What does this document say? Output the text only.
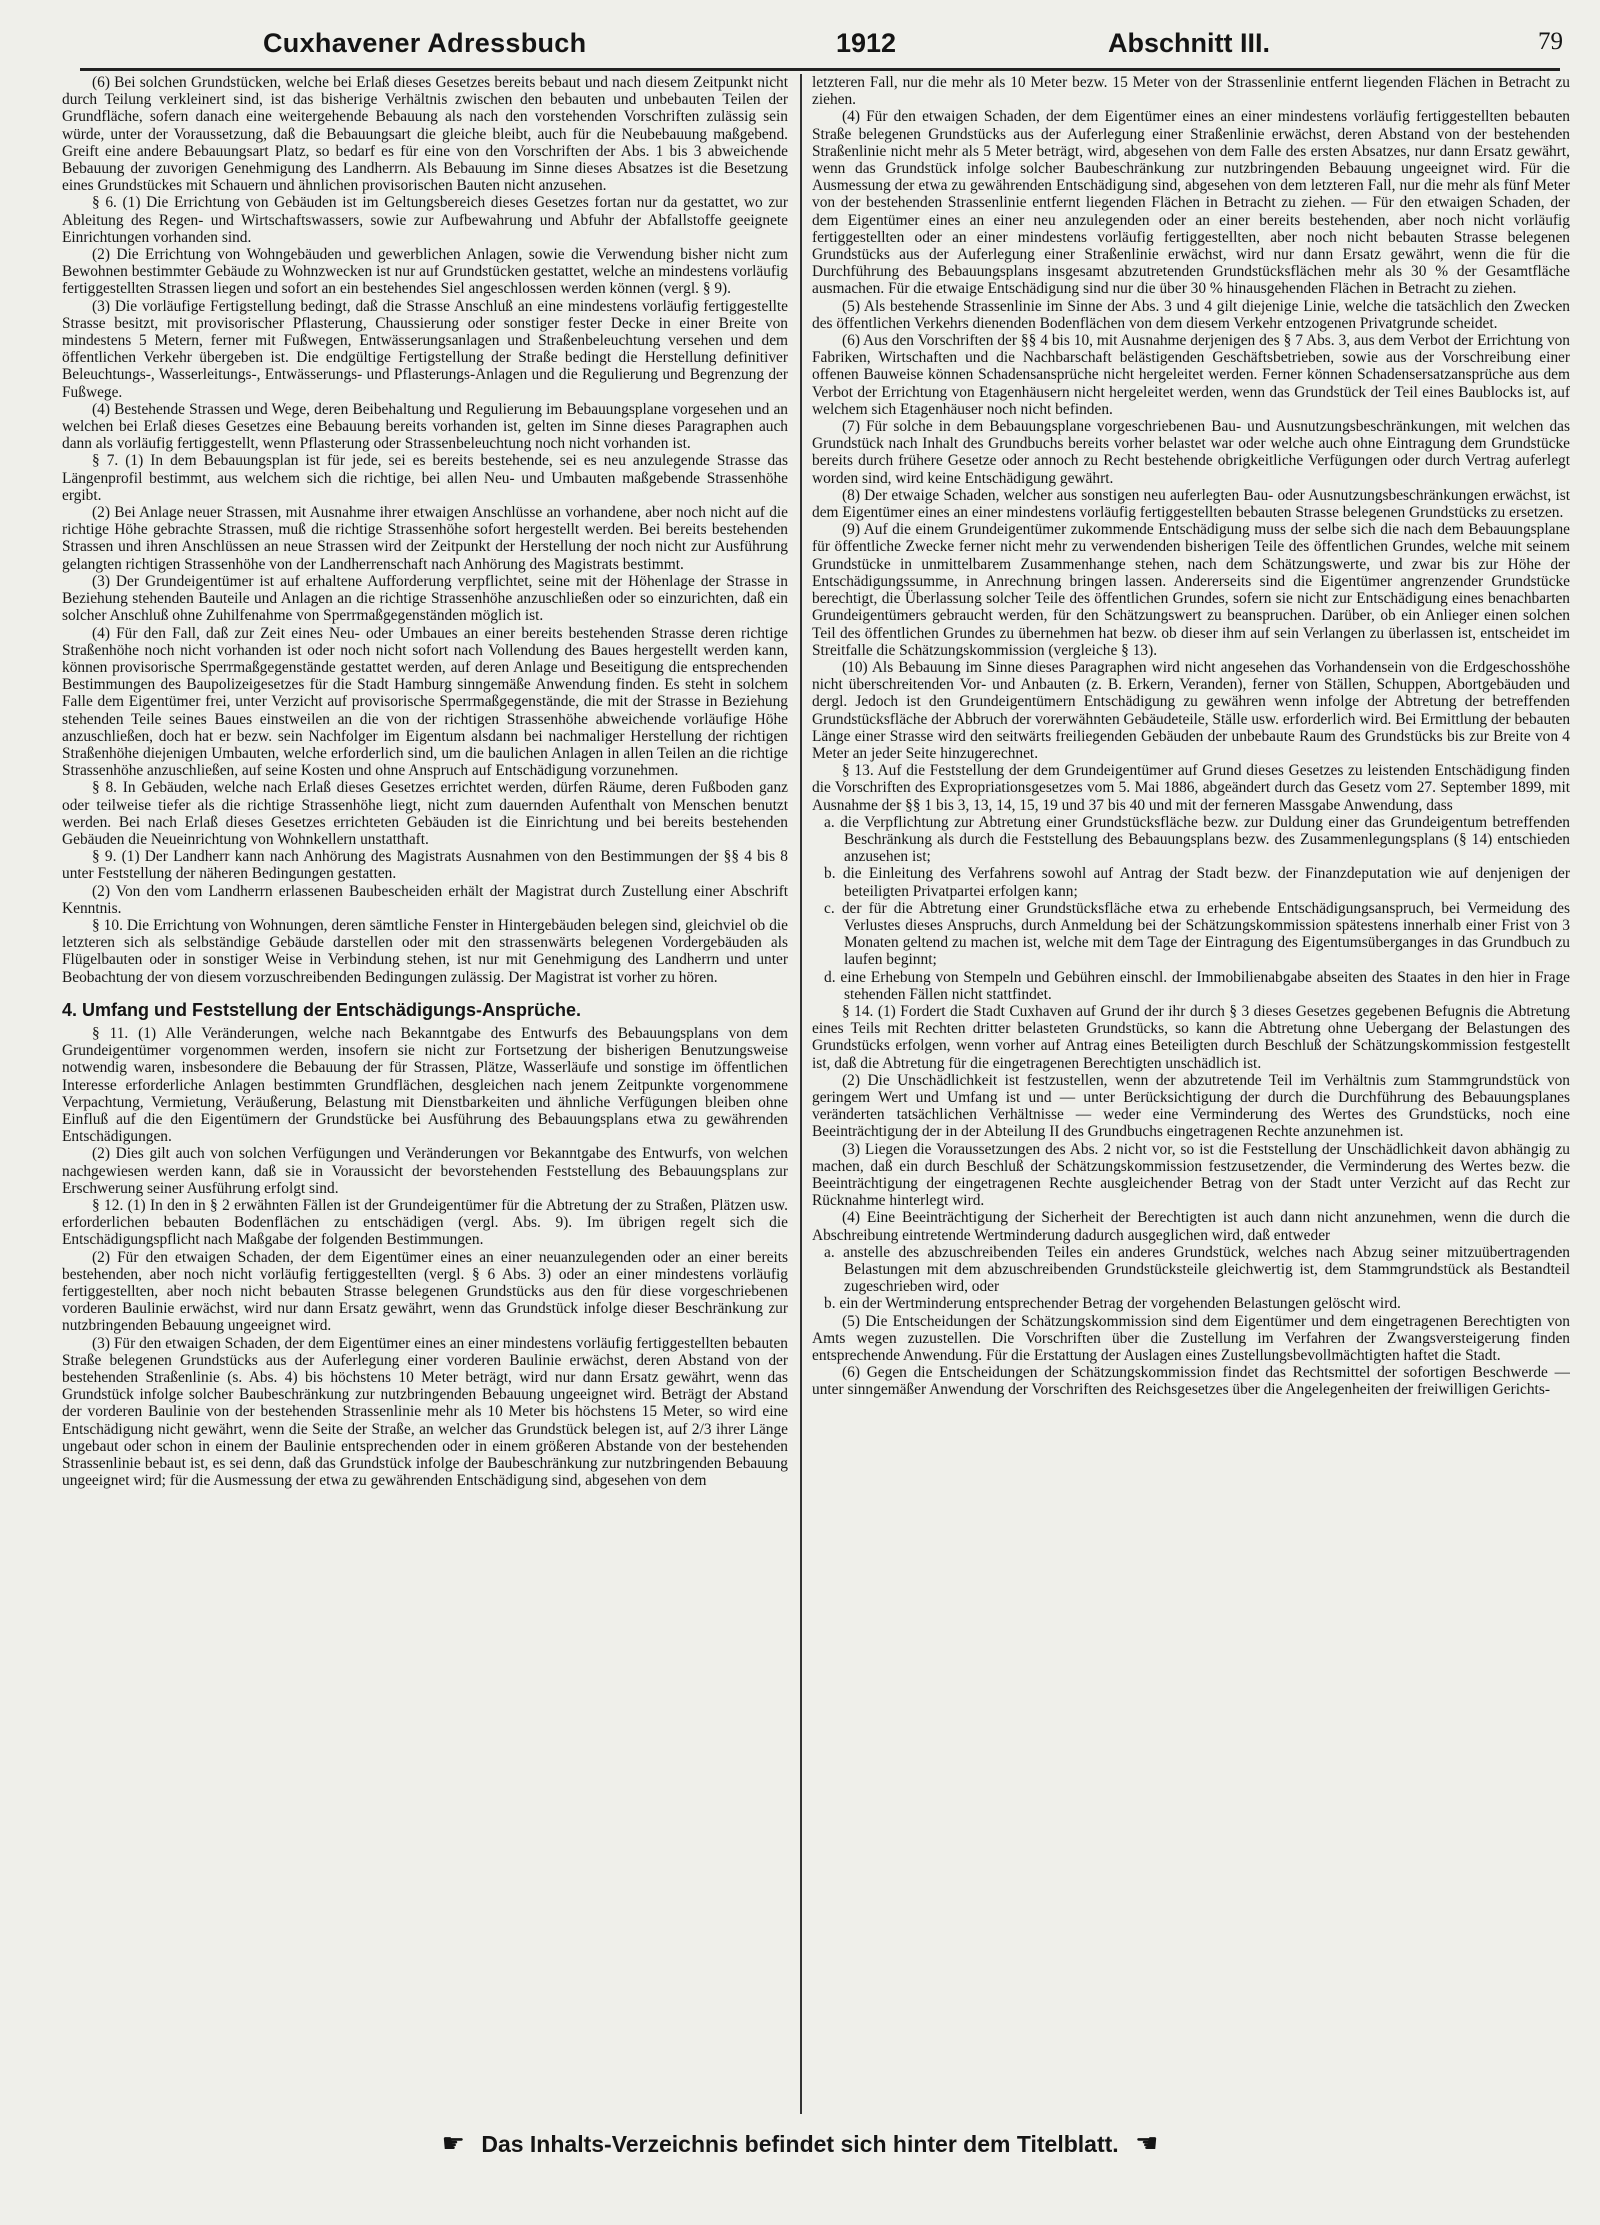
Cuxhavener Adressbuch	1912	Abschnitt III.	79

(6) Bei solchen Grundstücken, welche bei Erlaß dieses Gesetzes bereits bebaut und nach diesem Zeitpunkt nicht durch Teilung verkleinert sind, ist das bisherige Verhältnis zwischen den bebauten und unbebauten Teilen der Grundfläche, sofern danach eine weitergehende Bebauung als nach den vorstehenden Vorschriften zulässig sein würde, unter der Voraussetzung, daß die Bebauungsart die gleiche bleibt, auch für die Neubebauung maßgebend. Greift eine andere Bebauungsart Platz, so bedarf es für eine von den Vorschriften der Abs. 1 bis 3 abweichende Bebauung der zuvorigen Genehmigung des Landherrn. Als Bebauung im Sinne dieses Absatzes ist die Besetzung eines Grundstückes mit Schauern und ähnlichen provisorischen Bauten nicht anzusehen.

§ 6. (1) Die Errichtung von Gebäuden ist im Geltungsbereich dieses Gesetzes fortan nur da gestattet, wo zur Ableitung des Regen- und Wirtschaftswassers, sowie zur Aufbewahrung und Abfuhr der Abfallstoffe geeignete Einrichtungen vorhanden sind.

(2) Die Errichtung von Wohngebäuden und gewerblichen Anlagen, sowie die Verwendung bisher nicht zum Bewohnen bestimmter Gebäude zu Wohnzwecken ist nur auf Grundstücken gestattet, welche an mindestens vorläufig fertiggestellten Strassen liegen und sofort an ein bestehendes Siel angeschlossen werden können (vergl. § 9).

(3) Die vorläufige Fertigstellung bedingt, daß die Strasse Anschluß an eine mindestens vorläufig fertiggestellte Strasse besitzt, mit provisorischer Pflasterung, Chaussierung oder sonstiger fester Decke in einer Breite von mindestens 5 Metern, ferner mit Fußwegen, Entwässerungsanlagen und Straßenbeleuchtung versehen und dem öffentlichen Verkehr übergeben ist. Die endgültige Fertigstellung der Straße bedingt die Herstellung definitiver Beleuchtungs-, Wasserleitungs-, Entwässerungs- und Pflasterungs-Anlagen und die Regulierung und Begrenzung der Fußwege.

(4) Bestehende Strassen und Wege, deren Beibehaltung und Regulierung im Bebauungsplane vorgesehen und an welchen bei Erlaß dieses Gesetzes eine Bebauung bereits vorhanden ist, gelten im Sinne dieses Paragraphen auch dann als vorläufig fertiggestellt, wenn Pflasterung oder Strassenbeleuchtung noch nicht vorhanden ist.

§ 7. (1) In dem Bebauungsplan ist für jede, sei es bereits bestehende, sei es neu anzulegende Strasse das Längenprofil bestimmt, aus welchem sich die richtige, bei allen Neu- und Umbauten maßgebende Strassenhöhe ergibt.

(2) Bei Anlage neuer Strassen, mit Ausnahme ihrer etwaigen Anschlüsse an vorhandene, aber noch nicht auf die richtige Höhe gebrachte Strassen, muß die richtige Strassenhöhe sofort hergestellt werden. Bei bereits bestehenden Strassen und ihren Anschlüssen an neue Strassen wird der Zeitpunkt der Herstellung der noch nicht zur Ausführung gelangten richtigen Strassenhöhe von der Landherrenschaft nach Anhörung des Magistrats bestimmt.

(3) Der Grundeigentümer ist auf erhaltene Aufforderung verpflichtet, seine mit der Höhenlage der Strasse in Beziehung stehenden Bauteile und Anlagen an die richtige Strassenhöhe anzuschließen oder so einzurichten, daß ein solcher Anschluß ohne Zuhilfenahme von Sperrmaßgegenständen möglich ist.

(4) Für den Fall, daß zur Zeit eines Neu- oder Umbaues an einer bereits bestehenden Strasse deren richtige Straßenhöhe noch nicht vorhanden ist oder noch nicht sofort nach Vollendung des Baues hergestellt werden kann, können provisorische Sperrmaßgegenstände gestattet werden, auf deren Anlage und Beseitigung die entsprechenden Bestimmungen des Baupolizeigesetzes für die Stadt Hamburg sinngemäße Anwendung finden. Es steht in solchem Falle dem Eigentümer frei, unter Verzicht auf provisorische Sperrmaßgegenstände, die mit der Strasse in Beziehung stehenden Teile seines Baues einstweilen an die von der richtigen Strassenhöhe abweichende vorläufige Höhe anzuschließen, doch hat er bezw. sein Nachfolger im Eigentum alsdann bei nachmaliger Herstellung der richtigen Straßenhöhe diejenigen Umbauten, welche erforderlich sind, um die baulichen Anlagen in allen Teilen an die richtige Strassenhöhe anzuschließen, auf seine Kosten und ohne Anspruch auf Entschädigung vorzunehmen.

§ 8. In Gebäuden, welche nach Erlaß dieses Gesetzes errichtet werden, dürfen Räume, deren Fußboden ganz oder teilweise tiefer als die richtige Strassenhöhe liegt, nicht zum dauernden Aufenthalt von Menschen benutzt werden. Bei nach Erlaß dieses Gesetzes errichteten Gebäuden ist die Einrichtung und bei bereits bestehenden Gebäuden die Neueinrichtung von Wohnkellern unstatthaft.

§ 9. (1) Der Landherr kann nach Anhörung des Magistrats Ausnahmen von den Bestimmungen der §§ 4 bis 8 unter Feststellung der näheren Bedingungen gestatten.

(2) Von den vom Landherrn erlassenen Baubescheiden erhält der Magistrat durch Zustellung einer Abschrift Kenntnis.

§ 10. Die Errichtung von Wohnungen, deren sämtliche Fenster in Hintergebäuden belegen sind, gleichviel ob die letzteren sich als selbständige Gebäude darstellen oder mit den strassenwärts belegenen Vordergebäuden als Flügelbauten oder in sonstiger Weise in Verbindung stehen, ist nur mit Genehmigung des Landherrn und unter Beobachtung der von diesem vorzuschreibenden Bedingungen zulässig. Der Magistrat ist vorher zu hören.

4. Umfang und Feststellung der Entschädigungs-Ansprüche.

§ 11. (1) Alle Veränderungen, welche nach Bekanntgabe des Entwurfs des Bebauungsplans von dem Grundeigentümer vorgenommen werden, insofern sie nicht zur Fortsetzung der bisherigen Benutzungsweise notwendig waren, insbesondere die Bebauung der für Strassen, Plätze, Wasserläufe und sonstige im öffentlichen Interesse erforderliche Anlagen bestimmten Grundflächen, desgleichen nach jenem Zeitpunkte vorgenommene Verpachtung, Vermietung, Veräußerung, Belastung mit Dienstbarkeiten und ähnliche Verfügungen bleiben ohne Einfluß auf die den Eigentümern der Grundstücke bei Ausführung des Bebauungsplans etwa zu gewährenden Entschädigungen.

(2) Dies gilt auch von solchen Verfügungen und Veränderungen vor Bekanntgabe des Entwurfs, von welchen nachgewiesen werden kann, daß sie in Voraussicht der bevorstehenden Feststellung des Bebauungsplans zur Erschwerung seiner Ausführung erfolgt sind.

§ 12. (1) In den in § 2 erwähnten Fällen ist der Grundeigentümer für die Abtretung der zu Straßen, Plätzen usw. erforderlichen bebauten Bodenflächen zu entschädigen (vergl. Abs. 9). Im übrigen regelt sich die Entschädigungspflicht nach Maßgabe der folgenden Bestimmungen.

(2) Für den etwaigen Schaden, der dem Eigentümer eines an einer neuanzulegenden oder an einer bereits bestehenden, aber noch nicht vorläufig fertiggestellten (vergl. § 6 Abs. 3) oder an einer mindestens vorläufig fertiggestellten, aber noch nicht bebauten Strasse belegenen Grundstücks aus den für diese vorgeschriebenen vorderen Baulinie erwächst, wird nur dann Ersatz gewährt, wenn das Grundstück infolge dieser Beschränkung zur nutzbringenden Bebauung ungeeignet wird.

(3) Für den etwaigen Schaden, der dem Eigentümer eines an einer mindestens vorläufig fertiggestellten bebauten Straße belegenen Grundstücks aus der Auferlegung einer vorderen Baulinie erwächst, deren Abstand von der bestehenden Straßenlinie (s. Abs. 4) bis höchstens 10 Meter beträgt, wird nur dann Ersatz gewährt, wenn das Grundstück infolge solcher Baubeschränkung zur nutzbringenden Bebauung ungeeignet wird. Beträgt der Abstand der vorderen Baulinie von der bestehenden Strassenlinie mehr als 10 Meter bis höchstens 15 Meter, so wird eine Entschädigung nicht gewährt, wenn die Seite der Straße, an welcher das Grundstück belegen ist, auf 2/3 ihrer Länge ungebaut oder schon in einem der Baulinie entsprechenden oder in einem größeren Abstande von der bestehenden Strassenlinie bebaut ist, es sei denn, daß das Grundstück infolge der Baubeschränkung zur nutzbringenden Bebauung ungeeignet wird; für die Ausmessung der etwa zu gewährenden Entschädigung sind, abgesehen von dem

letzteren Fall, nur die mehr als 10 Meter bezw. 15 Meter von der Strassenlinie entfernt liegenden Flächen in Betracht zu ziehen.

(4) Für den etwaigen Schaden, der dem Eigentümer eines an einer mindestens vorläufig fertiggestellten bebauten Straße belegenen Grundstücks aus der Auferlegung einer Straßenlinie erwächst, deren Abstand von der bestehenden Straßenlinie nicht mehr als 5 Meter beträgt, wird, abgesehen von dem Falle des ersten Absatzes, nur dann Ersatz gewährt, wenn das Grundstück infolge solcher Baubeschränkung zur nutzbringenden Bebauung ungeeignet wird. Für die Ausmessung der etwa zu gewährenden Entschädigung sind, abgesehen von dem letzteren Fall, nur die mehr als fünf Meter von der bestehenden Strassenlinie entfernt liegenden Flächen in Betracht zu ziehen. — Für den etwaigen Schaden, der dem Eigentümer eines an einer neu anzulegenden oder an einer bereits bestehenden, aber noch nicht vorläufig fertiggestellten oder an einer mindestens vorläufig fertiggestellten, aber noch nicht bebauten Strasse belegenen Grundstücks aus der Auferlegung einer Straßenlinie erwächst, wird nur dann Ersatz gewährt, wenn die für die Durchführung des Bebauungsplans insgesamt abzutretenden Grundstücksflächen mehr als 30 % der Gesamtfläche ausmachen. Für die etwaige Entschädigung sind nur die über 30 % hinausgehenden Flächen in Betracht zu ziehen.

(5) Als bestehende Strassenlinie im Sinne der Abs. 3 und 4 gilt diejenige Linie, welche die tatsächlich den Zwecken des öffentlichen Verkehrs dienenden Bodenflächen von dem diesem Verkehr entzogenen Privatgrunde scheidet.

(6) Aus den Vorschriften der §§ 4 bis 10, mit Ausnahme derjenigen des § 7 Abs. 3, aus dem Verbot der Errichtung von Fabriken, Wirtschaften und die Nachbarschaft belästigenden Geschäftsbetrieben, sowie aus der Vorschreibung einer offenen Bauweise können Schadensansprüche nicht hergeleitet werden. Ferner können Schadensersatzansprüche aus dem Verbot der Errichtung von Etagenhäusern nicht hergeleitet werden, wenn das Grundstück der Teil eines Baublocks ist, auf welchem sich Etagenhäuser noch nicht befinden.

(7) Für solche in dem Bebauungsplane vorgeschriebenen Bau- und Ausnutzungsbeschränkungen, mit welchen das Grundstück nach Inhalt des Grundbuchs bereits vorher belastet war oder welche auch ohne Eintragung dem Grundstücke bereits durch frühere Gesetze oder annoch zu Recht bestehende obrigkeitliche Verfügungen oder durch Vertrag auferlegt worden sind, wird keine Entschädigung gewährt.

(8) Der etwaige Schaden, welcher aus sonstigen neu auferlegten Bau- oder Ausnutzungsbeschränkungen erwächst, ist dem Eigentümer eines an einer mindestens vorläufig fertiggestellten bebauten Strasse belegenen Grundstücks zu ersetzen.

(9) Auf die einem Grundeigentümer zukommende Entschädigung muss der selbe sich die nach dem Bebauungsplane für öffentliche Zwecke ferner nicht mehr zu verwendenden bisherigen Teile des öffentlichen Grundes, welche mit seinem Grundstücke in unmittelbarem Zusammenhange stehen, nach dem Schätzungswerte, und zwar bis zur Höhe der Entschädigungssumme, in Anrechnung bringen lassen. Andererseits sind die Eigentümer angrenzender Grundstücke berechtigt, die Überlassung solcher Teile des öffentlichen Grundes, sofern sie nicht zur Entschädigung eines benachbarten Grundeigentümers gebraucht werden, für den Schätzungswert zu beanspruchen. Darüber, ob ein Anlieger einen solchen Teil des öffentlichen Grundes zu übernehmen hat bezw. ob dieser ihm auf sein Verlangen zu überlassen ist, entscheidet im Streitfalle die Schätzungskommission (vergleiche § 13).

(10) Als Bebauung im Sinne dieses Paragraphen wird nicht angesehen das Vorhandensein von die Erdgeschosshöhe nicht überschreitenden Vor- und Anbauten (z. B. Erkern, Veranden), ferner von Ställen, Schuppen, Abortgebäuden und dergl. Jedoch ist den Grundeigentümern Entschädigung zu gewähren wenn infolge der Abtretung der betreffenden Grundstücksfläche der Abbruch der vorerwähnten Gebäudeteile, Ställe usw. erforderlich wird. Bei Ermittlung der bebauten Länge einer Strasse wird den seitwärts freiliegenden Gebäuden der unbebaute Raum des Grundstücks bis zur Breite von 4 Meter an jeder Seite hinzugerechnet.

§ 13. Auf die Feststellung der dem Grundeigentümer auf Grund dieses Gesetzes zu leistenden Entschädigung finden die Vorschriften des Expropriationsgesetzes vom 5. Mai 1886, abgeändert durch das Gesetz vom 27. September 1899, mit Ausnahme der §§ 1 bis 3, 13, 14, 15, 19 und 37 bis 40 und mit der ferneren Massgabe Anwendung, dass

a. die Verpflichtung zur Abtretung einer Grundstücksfläche bezw. zur Duldung einer das Grundeigentum betreffenden Beschränkung als durch die Feststellung des Bebauungsplans bezw. des Zusammenlegungsplans (§ 14) entschieden anzusehen ist;

b. die Einleitung des Verfahrens sowohl auf Antrag der Stadt bezw. der Finanzdeputation wie auf denjenigen der beteiligten Privatpartei erfolgen kann;

c. der für die Abtretung einer Grundstücksfläche etwa zu erhebende Entschädigungsanspruch, bei Vermeidung des Verlustes dieses Anspruchs, durch Anmeldung bei der Schätzungskommission spätestens innerhalb einer Frist von 3 Monaten geltend zu machen ist, welche mit dem Tage der Eintragung des Eigentumsüberganges in das Grundbuch zu laufen beginnt;

d. eine Erhebung von Stempeln und Gebühren einschl. der Immobilienabgabe abseiten des Staates in den hier in Frage stehenden Fällen nicht stattfindet.

§ 14. (1) Fordert die Stadt Cuxhaven auf Grund der ihr durch § 3 dieses Gesetzes gegebenen Befugnis die Abtretung eines Teils mit Rechten dritter belasteten Grundstücks, so kann die Abtretung ohne Uebergang der Belastungen des Grundstücks erfolgen, wenn vorher auf Antrag eines Beteiligten durch Beschluß der Schätzungskommission festgestellt ist, daß die Abtretung für die eingetragenen Berechtigten unschädlich ist.

(2) Die Unschädlichkeit ist festzustellen, wenn der abzutretende Teil im Verhältnis zum Stammgrundstück von geringem Wert und Umfang ist und — unter Berücksichtigung der durch die Durchführung des Bebauungsplanes veränderten tatsächlichen Verhältnisse — weder eine Verminderung des Wertes des Grundstücks, noch eine Beeinträchtigung der in der Abteilung II des Grundbuchs eingetragenen Rechte anzunehmen ist.

(3) Liegen die Voraussetzungen des Abs. 2 nicht vor, so ist die Feststellung der Unschädlichkeit davon abhängig zu machen, daß ein durch Beschluß der Schätzungskommission festzusetzender, die Verminderung des Wertes bezw. die Beeinträchtigung der eingetragenen Rechte ausgleichender Betrag von der Stadt unter Verzicht auf das Recht zur Rücknahme hinterlegt wird.

(4) Eine Beeinträchtigung der Sicherheit der Berechtigten ist auch dann nicht anzunehmen, wenn die durch die Abschreibung eintretende Wertminderung dadurch ausgeglichen wird, daß entweder

a. anstelle des abzuschreibenden Teiles ein anderes Grundstück, welches nach Abzug seiner mitzuübertragenden Belastungen mit dem abzuschreibenden Grundstücksteile gleichwertig ist, dem Stammgrundstück als Bestandteil zugeschrieben wird, oder

b. ein der Wertminderung entsprechender Betrag der vorgehenden Belastungen gelöscht wird.

(5) Die Entscheidungen der Schätzungskommission sind dem Eigentümer und dem eingetragenen Berechtigten von Amts wegen zuzustellen. Die Vorschriften über die Zustellung im Verfahren der Zwangsversteigerung finden entsprechende Anwendung. Für die Erstattung der Auslagen eines Zustellungsbevollmächtigten haftet die Stadt.

(6) Gegen die Entscheidungen der Schätzungskommission findet das Rechtsmittel der sofortigen Beschwerde — unter sinngemäßer Anwendung der Vorschriften des Reichsgesetzes über die Angelegenheiten der freiwilligen Gerichts-

☛ Das Inhalts-Verzeichnis befindet sich hinter dem Titelblatt. ☛
